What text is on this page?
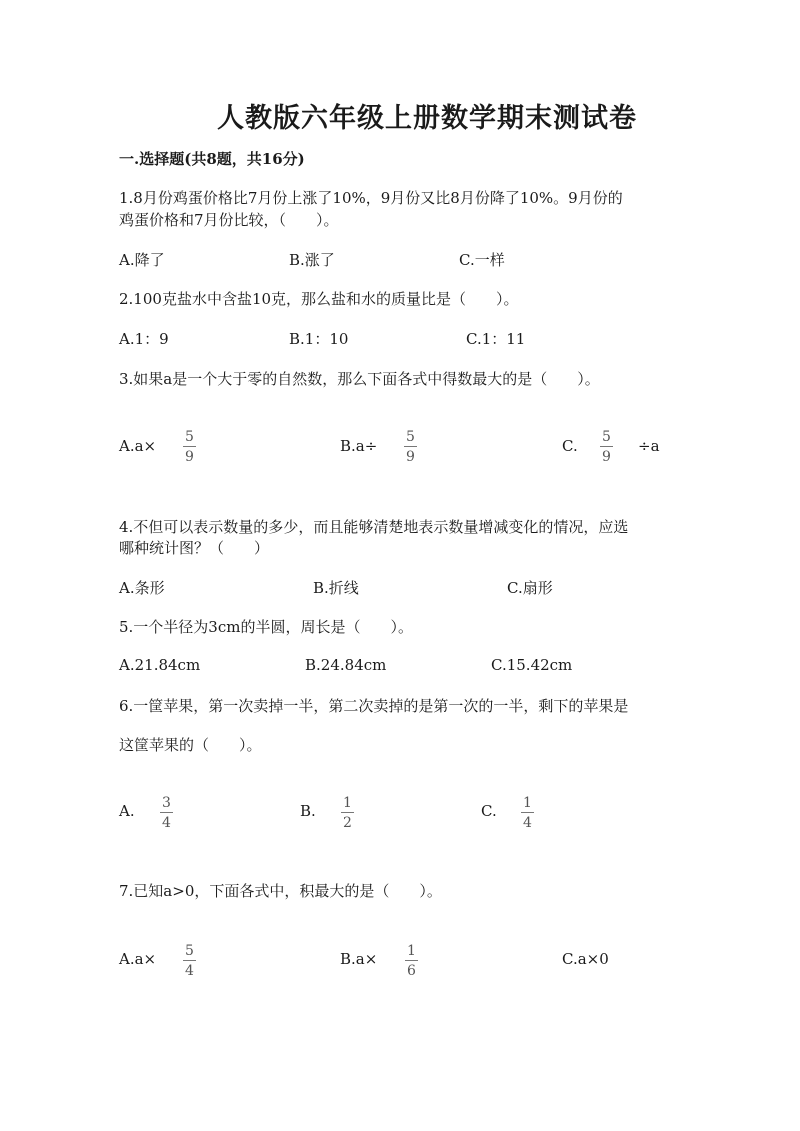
人教版六年级上册数学期末测试卷
一.选择题(共8题，共16分)
1.8月份鸡蛋价格比7月份上涨了10%，9月份又比8月份降了10%。9月份的
鸡蛋价格和7月份比较，（　　）。
A.降了	B.涨了	C.一样
2.100克盐水中含盐10克，那么盐和水的质量比是（　　）。
A.1：9	B.1：10	C.1：11
3.如果a是一个大于零的自然数，那么下面各式中得数最大的是（　　）。
$A.a\times \frac{5}{9}$	$B.a\div \frac{5}{9}$	C. $\frac{5}{9} \div a$
4.不但可以表示数量的多少，而且能够清楚地表示数量增减变化的情况，应选
哪种统计图？（　　）
A.条形	B.折线	C.扇形
5.一个半径为3cm的半圆，周长是（　　）。
A.21.84cm	B.24.84cm	C.15.42cm
6.一筐苹果，第一次卖掉一半，第二次卖掉的是第一次的一半，剩下的苹果是
这筐苹果的（　　）。
A. $\frac{3}{4}$	B. $\frac{1}{2}$	C. $\frac{1}{4}$
7.已知a>0，下面各式中，积最大的是（　　）。
$A.a\times \frac{5}{4}$	$B.a\times \frac{1}{6}$	C.a×0
